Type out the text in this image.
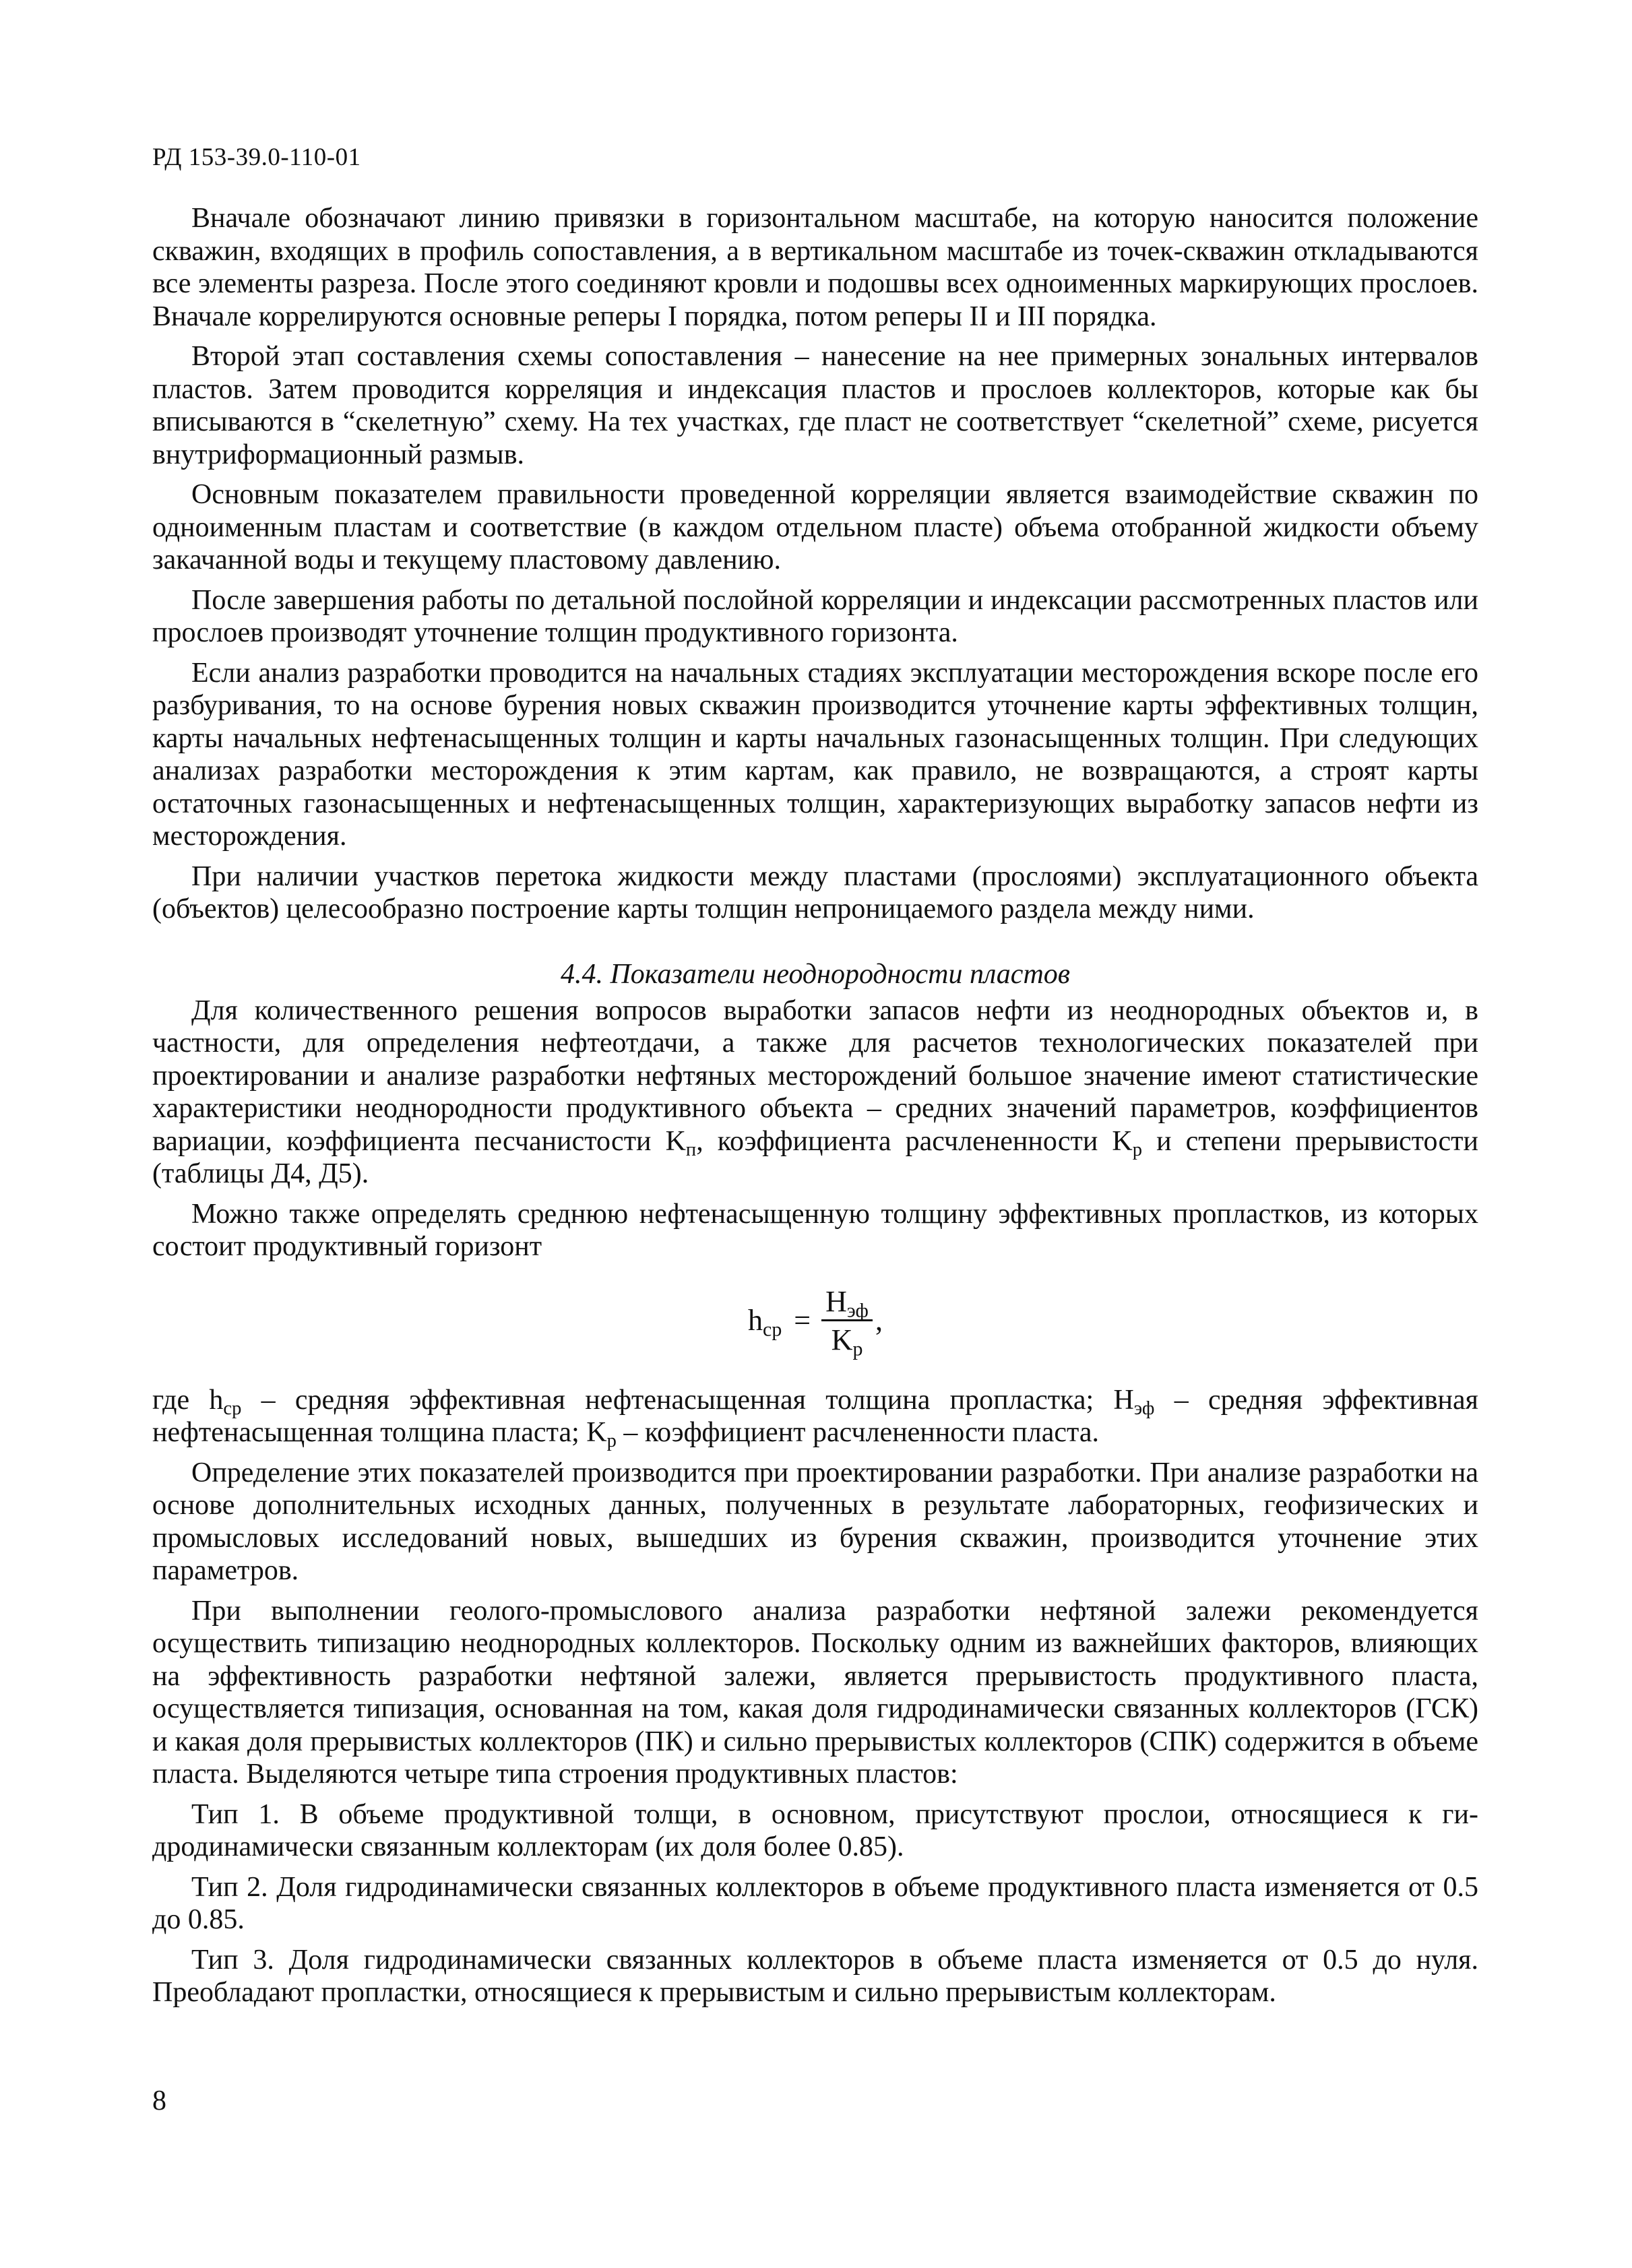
РД 153-39.0-110-01

Вначале обозначают линию привязки в горизонтальном масштабе, на которую наносится положение скважин, входящих в профиль сопоставления, а в вертикальном масштабе из точек-скважин откладываются все элементы разреза. После этого соединяют кровли и подошвы всех одноименных маркирующих прослоев. Вначале коррелируются основные реперы I порядка, потом реперы II и III порядка.

Второй этап составления схемы сопоставления – нанесение на нее примерных зональных интервалов пластов. Затем проводится корреляция и индексация пластов и прослоев коллекторов, которые как бы вписываются в “скелетную” схему. На тех участках, где пласт не соответствует “скелетной” схеме, рисуется внутриформационный размыв.

Основным показателем правильности проведенной корреляции является взаимодействие скважин по одноименным пластам и соответствие (в каждом отдельном пласте) объема отобранной жидкости объему закачанной воды и текущему пластовому давлению.

После завершения работы по детальной послойной корреляции и индексации рассмотренных пластов или прослоев производят уточнение толщин продуктивного горизонта.

Если анализ разработки проводится на начальных стадиях эксплуатации месторождения вскоре после его разбуривания, то на основе бурения новых скважин производится уточнение карты эффективных толщин, карты начальных нефтенасыщенных толщин и карты начальных газонасыщенных толщин. При следующих анализах разработки месторождения к этим картам, как правило, не возвращаются, а строят карты остаточных газонасыщенных и нефтенасыщенных толщин, характеризующих выработку запасов нефти из месторождения.

При наличии участков перетока жидкости между пластами (прослоями) эксплуатационного объекта (объектов) целесообразно построение карты толщин непроницаемого раздела между ними.

4.4. Показатели неоднородности пластов

Для количественного решения вопросов выработки запасов нефти из неоднородных объектов и, в частности, для определения нефтеотдачи, а также для расчетов технологических показателей при проектировании и анализе разработки нефтяных месторождений большое значение имеют статистические характеристики неоднородности продуктивного объекта – средних значений параметров, коэффициентов вариации, коэффициента песчанистости $K_п$, коэффициента расчлененности $K_р$ и степени прерывистости (таблицы Д4, Д5).

Можно также определять среднюю нефтенасыщенную толщину эффективных пропластков, из которых состоит продуктивный горизонт

$h_{ср} = \frac{H_{эф}}{K_р}$ ,

где $h_{ср}$ – средняя эффективная нефтенасыщенная толщина пропластка; $H_{эф}$ – средняя эффективная нефтенасыщенная толщина пласта; $K_р$ – коэффициент расчлененности пласта.

Определение этих показателей производится при проектировании разработки. При анализе разработки на основе дополнительных исходных данных, полученных в результате лабораторных, геофизических и промысловых исследований новых, вышедших из бурения скважин, производится уточнение этих параметров.

При выполнении геолого-промыслового анализа разработки нефтяной залежи рекомендуется осуществить типизацию неоднородных коллекторов. Поскольку одним из важнейших факторов, влияющих на эффективность разработки нефтяной залежи, является прерывистость продуктивного пласта, осуществляется типизация, основанная на том, какая доля гидродинамически связанных коллекторов (ГСК) и какая доля прерывистых коллекторов (ПК) и сильно прерывистых коллекторов (СПК) содержится в объеме пласта. Выделяются четыре типа строения продуктивных пластов:

Тип 1. В объеме продуктивной толщи, в основном, присутствуют прослои, относящиеся к гидродинамически связанным коллекторам (их доля более 0.85).

Тип 2. Доля гидродинамически связанных коллекторов в объеме продуктивного пласта изменяется от 0.5 до 0.85.

Тип 3. Доля гидродинамически связанных коллекторов в объеме пласта изменяется от 0.5 до нуля. Преобладают пропластки, относящиеся к прерывистым и сильно прерывистым коллекторам.

8
